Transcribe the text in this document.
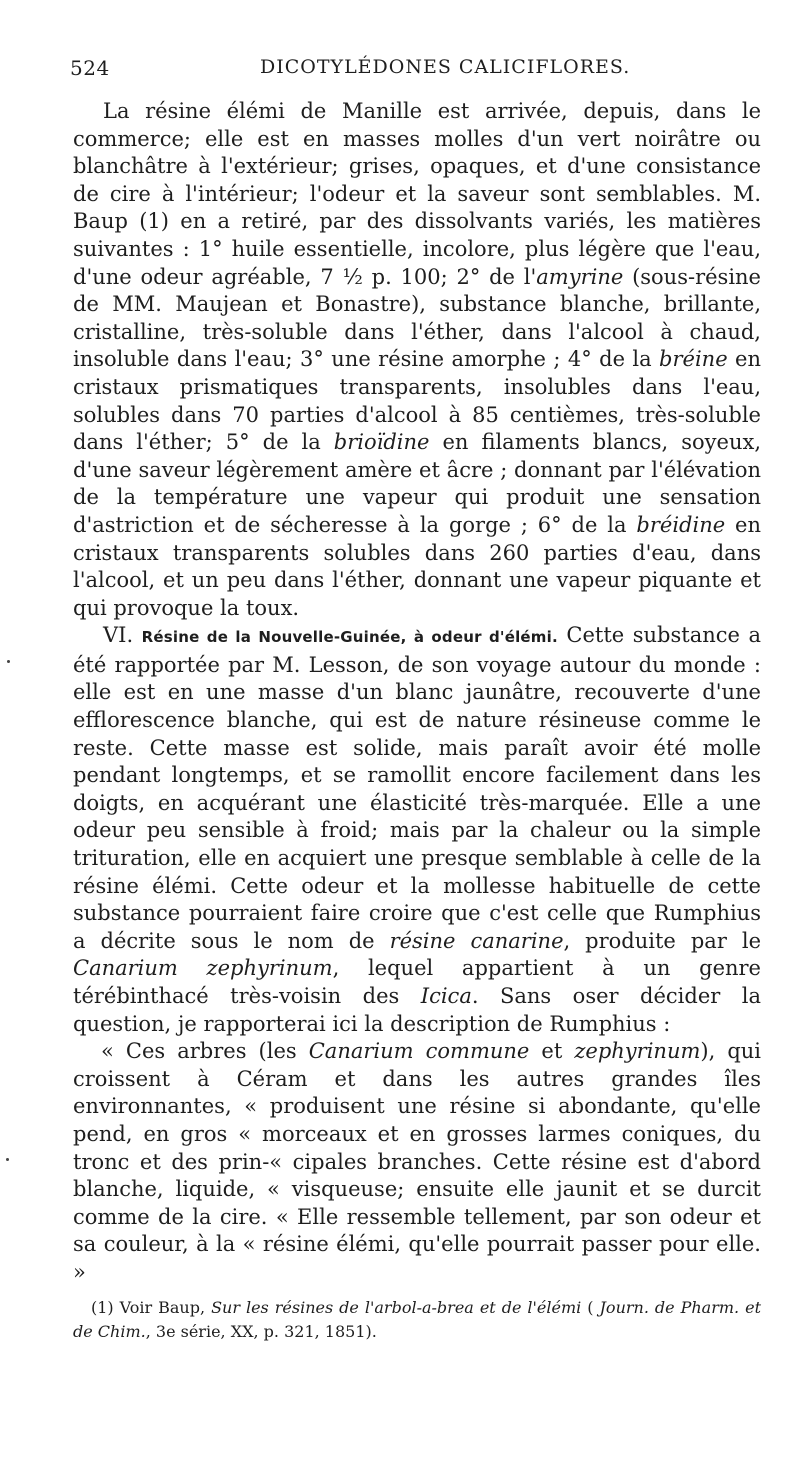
524	DICOTYLÉDONES CALICIFLORES.

La résine élémi de Manille est arrivée, depuis, dans le commerce; elle est en masses molles d'un vert noirâtre ou blanchâtre à l'extérieur; grises, opaques, et d'une consistance de cire à l'intérieur; l'odeur et la saveur sont semblables. M. Baup (1) en a retiré, par des dissolvants variés, les matières suivantes : 1° huile essentielle, incolore, plus légère que l'eau, d'une odeur agréable, 7 ½ p. 100; 2° de l'amyrine (sous-résine de MM. Maujean et Bonastre), substance blanche, brillante, cristalline, très-soluble dans l'éther, dans l'alcool à chaud, insoluble dans l'eau; 3° une résine amorphe ; 4° de la bréine en cristaux prismatiques transparents, insolubles dans l'eau, solubles dans 70 parties d'alcool à 85 centièmes, très-soluble dans l'éther; 5° de la brioïdine en filaments blancs, soyeux, d'une saveur légèrement amère et âcre ; donnant par l'élévation de la température une vapeur qui produit une sensation d'astriction et de sécheresse à la gorge ; 6° de la bréidine en cristaux transparents solubles dans 260 parties d'eau, dans l'alcool, et un peu dans l'éther, donnant une vapeur piquante et qui provoque la toux.

VI. Résine de la Nouvelle-Guinée, à odeur d'élémi. Cette substance a été rapportée par M. Lesson, de son voyage autour du monde : elle est en une masse d'un blanc jaunâtre, recouverte d'une efflorescence blanche, qui est de nature résineuse comme le reste. Cette masse est solide, mais paraît avoir été molle pendant longtemps, et se ramollit encore facilement dans les doigts, en acquérant une élasticité très-marquée. Elle a une odeur peu sensible à froid; mais par la chaleur ou la simple trituration, elle en acquiert une presque semblable à celle de la résine élémi. Cette odeur et la mollesse habituelle de cette substance pourraient faire croire que c'est celle que Rumphius a décrite sous le nom de résine canarine, produite par le Canarium zephyrinum, lequel appartient à un genre térébinthacé très-voisin des Icica. Sans oser décider la question, je rapporterai ici la description de Rumphius :

« Ces arbres (les Canarium commune et zephyrinum), qui croissent à Céram et dans les autres grandes îles environnantes, « produisent une résine si abondante, qu'elle pend, en gros « morceaux et en grosses larmes coniques, du tronc et des prin-« cipales branches. Cette résine est d'abord blanche, liquide, « visqueuse; ensuite elle jaunit et se durcit comme de la cire. « Elle ressemble tellement, par son odeur et sa couleur, à la « résine élémi, qu'elle pourrait passer pour elle. »

(1) Voir Baup, Sur les résines de l'arbol-a-brea et de l'élémi ( Journ. de Pharm. et de Chim., 3e série, XX, p. 321, 1851).
